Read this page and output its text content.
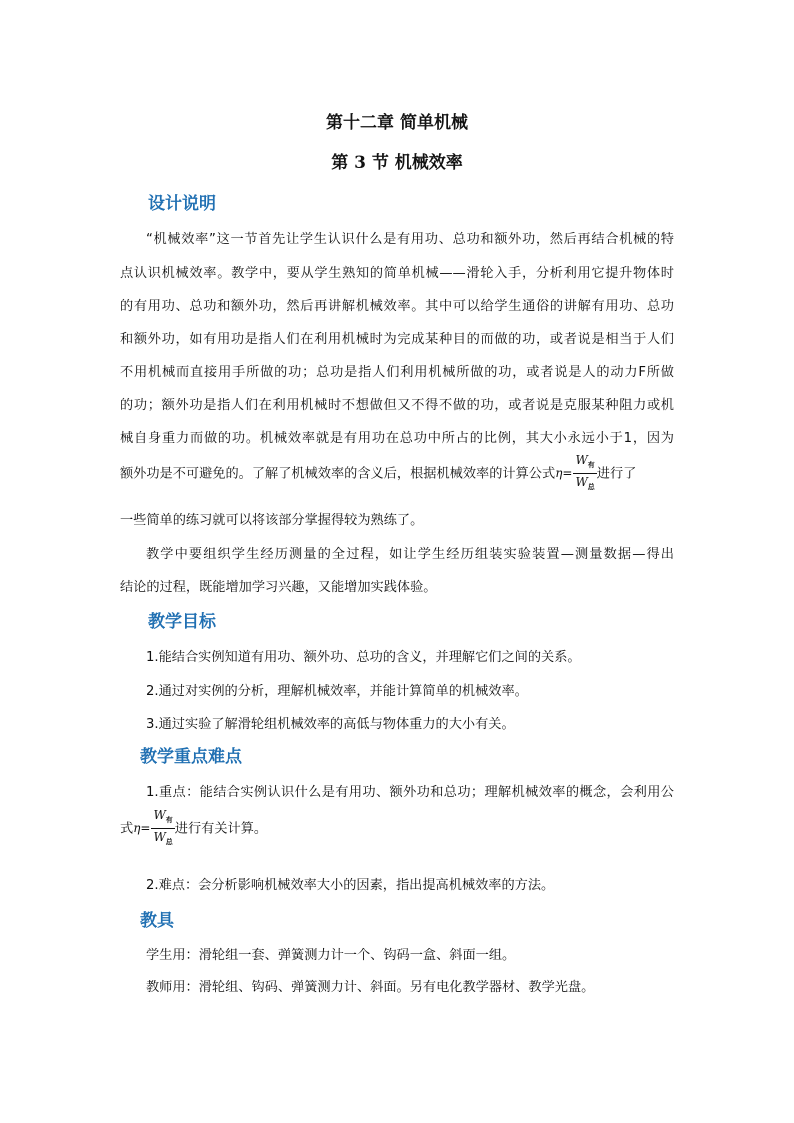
第十二章 简单机械
第 3 节 机械效率
设计说明
“机械效率”这一节首先让学生认识什么是有用功、总功和额外功，然后再结合机械的特
点认识机械效率。教学中，要从学生熟知的简单机械——滑轮入手，分析利用它提升物体时
的有用功、总功和额外功，然后再讲解机械效率。其中可以给学生通俗的讲解有用功、总功
和额外功，如有用功是指人们在利用机械时为完成某种目的而做的功，或者说是相当于人们
不用机械而直接用手所做的功；总功是指人们利用机械所做的功，或者说是人的动力F所做
的功；额外功是指人们在利用机械时不想做但又不得不做的功，或者说是克服某种阻力或机
械自身重力而做的功。机械效率就是有用功在总功中所占的比例，其大小永远小于1，因为
额外功是不可避免的。了解了机械效率的含义后，根据机械效率的计算公式$\eta= \frac{W_有}{W_总}$ 进行了
一些简单的练习就可以将该部分掌握得较为熟练了。
教学中要组织学生经历测量的全过程，如让学生经历组装实验装置—测量数据—得出
结论的过程，既能增加学习兴趣，又能增加实践体验。
教学目标
1.能结合实例知道有用功、额外功、总功的含义，并理解它们之间的关系。
2.通过对实例的分析，理解机械效率，并能计算简单的机械效率。
3.通过实验了解滑轮组机械效率的高低与物体重力的大小有关。
教学重点难点
1.重点：能结合实例认识什么是有用功、额外功和总功；理解机械效率的概念，会利用公
式$\eta= \frac{W_有}{W_总}$ 进行有关计算。
2.难点：会分析影响机械效率大小的因素，指出提高机械效率的方法。
教具
学生用：滑轮组一套、弹簧测力计一个、钩码一盒、斜面一组。
教师用：滑轮组、钩码、弹簧测力计、斜面。另有电化教学器材、教学光盘。
